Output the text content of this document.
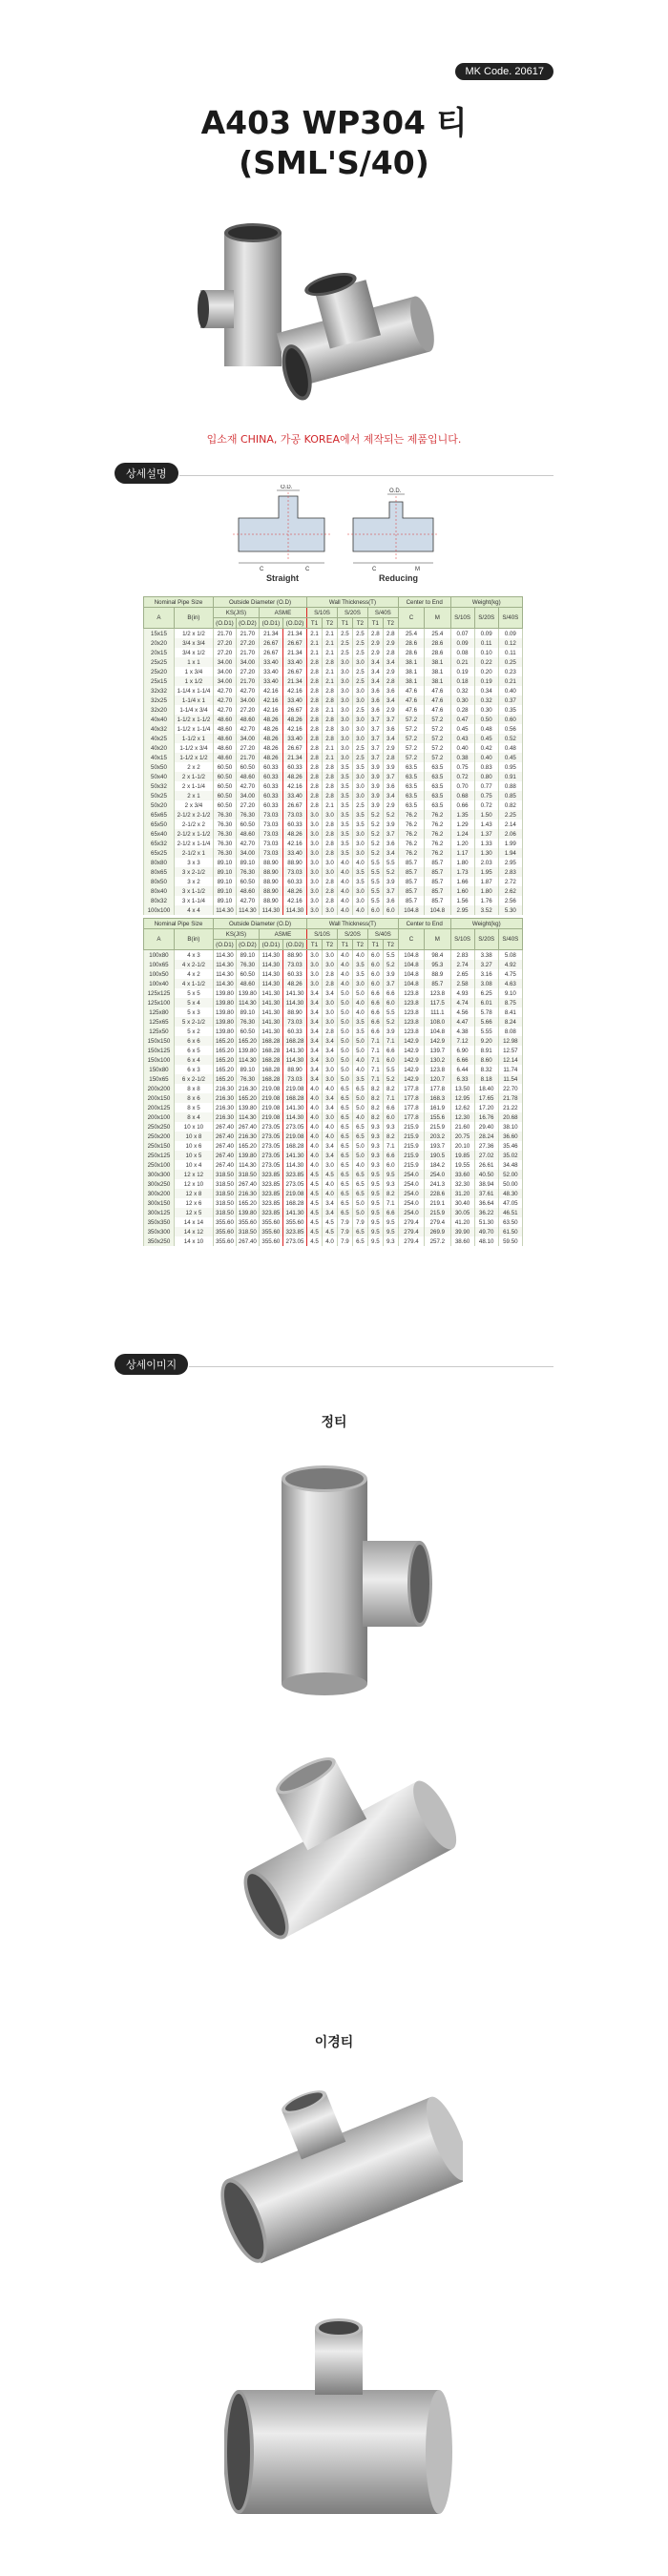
MK Code. 20617
A403 WP304 티
(SML'S/40)
입소재 CHINA, 가공 KOREA에서 제작되는 제품입니다.
상세설명
O.D.
O.D.
C	C	C	M
Straight	Reducing
Nominal Pipe Size		Outside Diameter (O.D)				Wall Thickness(T)						Center to End		Weight(kg)		
A	B(in)	KS(JIS)		ASME		S/10S		S/20S		S/40S		C	M	S/10S	S/20S	S/40S
		(O.D1)	(O.D2)	(O.D1)	(O.D2)	T1	T2	T1	T2	T1	T2					

15x15	1/2 x 1/2	21.70	21.70	21.34	21.34	2.1	2.1	2.5	2.5	2.8	2.8	25.4	25.4	0.07	0.09	0.09
20x20	3/4 x 3/4	27.20	27.20	26.67	26.67	2.1	2.1	2.5	2.5	2.9	2.9	28.6	28.6	0.09	0.11	0.12
20x15	3/4 x 1/2	27.20	21.70	26.67	21.34	2.1	2.1	2.5	2.5	2.9	2.8	28.6	28.6	0.08	0.10	0.11
25x25	1 x 1	34.00	34.00	33.40	33.40	2.8	2.8	3.0	3.0	3.4	3.4	38.1	38.1	0.21	0.22	0.25
25x20	1 x 3/4	34.00	27.20	33.40	26.67	2.8	2.1	3.0	2.5	3.4	2.9	38.1	38.1	0.19	0.20	0.23
25x15	1 x 1/2	34.00	21.70	33.40	21.34	2.8	2.1	3.0	2.5	3.4	2.8	38.1	38.1	0.18	0.19	0.21
32x32	1-1/4 x 1-1/4	42.70	42.70	42.16	42.16	2.8	2.8	3.0	3.0	3.6	3.6	47.6	47.6	0.32	0.34	0.40
32x25	1-1/4 x 1	42.70	34.00	42.16	33.40	2.8	2.8	3.0	3.0	3.6	3.4	47.6	47.6	0.30	0.32	0.37
32x20	1-1/4 x 3/4	42.70	27.20	42.16	26.67	2.8	2.1	3.0	2.5	3.6	2.9	47.6	47.6	0.28	0.30	0.35
40x40	1-1/2 x 1-1/2	48.60	48.60	48.26	48.26	2.8	2.8	3.0	3.0	3.7	3.7	57.2	57.2	0.47	0.50	0.60
40x32	1-1/2 x 1-1/4	48.60	42.70	48.26	42.16	2.8	2.8	3.0	3.0	3.7	3.6	57.2	57.2	0.45	0.48	0.56
40x25	1-1/2 x 1	48.60	34.00	48.26	33.40	2.8	2.8	3.0	3.0	3.7	3.4	57.2	57.2	0.43	0.45	0.52
40x20	1-1/2 x 3/4	48.60	27.20	48.26	26.67	2.8	2.1	3.0	2.5	3.7	2.9	57.2	57.2	0.40	0.42	0.48
40x15	1-1/2 x 1/2	48.60	21.70	48.26	21.34	2.8	2.1	3.0	2.5	3.7	2.8	57.2	57.2	0.38	0.40	0.45
50x50	2 x 2	60.50	60.50	60.33	60.33	2.8	2.8	3.5	3.5	3.9	3.9	63.5	63.5	0.75	0.83	0.95
50x40	2 x 1-1/2	60.50	48.60	60.33	48.26	2.8	2.8	3.5	3.0	3.9	3.7	63.5	63.5	0.72	0.80	0.91
50x32	2 x 1-1/4	60.50	42.70	60.33	42.16	2.8	2.8	3.5	3.0	3.9	3.6	63.5	63.5	0.70	0.77	0.88
50x25	2 x 1	60.50	34.00	60.33	33.40	2.8	2.8	3.5	3.0	3.9	3.4	63.5	63.5	0.68	0.75	0.85
50x20	2 x 3/4	60.50	27.20	60.33	26.67	2.8	2.1	3.5	2.5	3.9	2.9	63.5	63.5	0.66	0.72	0.82
65x65	2-1/2 x 2-1/2	76.30	76.30	73.03	73.03	3.0	3.0	3.5	3.5	5.2	5.2	76.2	76.2	1.35	1.50	2.25
65x50	2-1/2 x 2	76.30	60.50	73.03	60.33	3.0	2.8	3.5	3.5	5.2	3.9	76.2	76.2	1.29	1.43	2.14
65x40	2-1/2 x 1-1/2	76.30	48.60	73.03	48.26	3.0	2.8	3.5	3.0	5.2	3.7	76.2	76.2	1.24	1.37	2.06
65x32	2-1/2 x 1-1/4	76.30	42.70	73.03	42.16	3.0	2.8	3.5	3.0	5.2	3.6	76.2	76.2	1.20	1.33	1.99
65x25	2-1/2 x 1	76.30	34.00	73.03	33.40	3.0	2.8	3.5	3.0	5.2	3.4	76.2	76.2	1.17	1.30	1.94
80x80	3 x 3	89.10	89.10	88.90	88.90	3.0	3.0	4.0	4.0	5.5	5.5	85.7	85.7	1.80	2.03	2.95
80x65	3 x 2-1/2	89.10	76.30	88.90	73.03	3.0	3.0	4.0	3.5	5.5	5.2	85.7	85.7	1.73	1.95	2.83
80x50	3 x 2	89.10	60.50	88.90	60.33	3.0	2.8	4.0	3.5	5.5	3.9	85.7	85.7	1.66	1.87	2.72
80x40	3 x 1-1/2	89.10	48.60	88.90	48.26	3.0	2.8	4.0	3.0	5.5	3.7	85.7	85.7	1.60	1.80	2.62
80x32	3 x 1-1/4	89.10	42.70	88.90	42.16	3.0	2.8	4.0	3.0	5.5	3.6	85.7	85.7	1.56	1.76	2.56
100x100	4 x 4	114.30	114.30	114.30	114.30	3.0	3.0	4.0	4.0	6.0	6.0	104.8	104.8	2.95	3.52	5.30
Nominal Pipe Size		Outside Diameter (O.D)				Wall Thickness(T)						Center to End		Weight(kg)		
A	B(in)	KS(JIS)		ASME		S/10S		S/20S		S/40S		C	M	S/10S	S/20S	S/40S
		(O.D1)	(O.D2)	(O.D1)	(O.D2)	T1	T2	T1	T2	T1	T2					

100x80	4 x 3	114.30	89.10	114.30	88.90	3.0	3.0	4.0	4.0	6.0	5.5	104.8	98.4	2.83	3.38	5.08
100x65	4 x 2-1/2	114.30	76.30	114.30	73.03	3.0	3.0	4.0	3.5	6.0	5.2	104.8	95.3	2.74	3.27	4.92
100x50	4 x 2	114.30	60.50	114.30	60.33	3.0	2.8	4.0	3.5	6.0	3.9	104.8	88.9	2.65	3.16	4.75
100x40	4 x 1-1/2	114.30	48.60	114.30	48.26	3.0	2.8	4.0	3.0	6.0	3.7	104.8	85.7	2.58	3.08	4.63
125x125	5 x 5	139.80	139.80	141.30	141.30	3.4	3.4	5.0	5.0	6.6	6.6	123.8	123.8	4.93	6.25	9.10
125x100	5 x 4	139.80	114.30	141.30	114.30	3.4	3.0	5.0	4.0	6.6	6.0	123.8	117.5	4.74	6.01	8.75
125x80	5 x 3	139.80	89.10	141.30	88.90	3.4	3.0	5.0	4.0	6.6	5.5	123.8	111.1	4.56	5.78	8.41
125x65	5 x 2-1/2	139.80	76.30	141.30	73.03	3.4	3.0	5.0	3.5	6.6	5.2	123.8	108.0	4.47	5.66	8.24
125x50	5 x 2	139.80	60.50	141.30	60.33	3.4	2.8	5.0	3.5	6.6	3.9	123.8	104.8	4.38	5.55	8.08
150x150	6 x 6	165.20	165.20	168.28	168.28	3.4	3.4	5.0	5.0	7.1	7.1	142.9	142.9	7.12	9.20	12.98
150x125	6 x 5	165.20	139.80	168.28	141.30	3.4	3.4	5.0	5.0	7.1	6.6	142.9	139.7	6.90	8.91	12.57
150x100	6 x 4	165.20	114.30	168.28	114.30	3.4	3.0	5.0	4.0	7.1	6.0	142.9	130.2	6.66	8.60	12.14
150x80	6 x 3	165.20	89.10	168.28	88.90	3.4	3.0	5.0	4.0	7.1	5.5	142.9	123.8	6.44	8.32	11.74
150x65	6 x 2-1/2	165.20	76.30	168.28	73.03	3.4	3.0	5.0	3.5	7.1	5.2	142.9	120.7	6.33	8.18	11.54
200x200	8 x 8	216.30	216.30	219.08	219.08	4.0	4.0	6.5	6.5	8.2	8.2	177.8	177.8	13.50	18.40	22.70
200x150	8 x 6	216.30	165.20	219.08	168.28	4.0	3.4	6.5	5.0	8.2	7.1	177.8	168.3	12.95	17.65	21.78
200x125	8 x 5	216.30	139.80	219.08	141.30	4.0	3.4	6.5	5.0	8.2	6.6	177.8	161.9	12.62	17.20	21.22
200x100	8 x 4	216.30	114.30	219.08	114.30	4.0	3.0	6.5	4.0	8.2	6.0	177.8	155.6	12.30	16.76	20.68
250x250	10 x 10	267.40	267.40	273.05	273.05	4.0	4.0	6.5	6.5	9.3	9.3	215.9	215.9	21.60	29.40	38.10
250x200	10 x 8	267.40	216.30	273.05	219.08	4.0	4.0	6.5	6.5	9.3	8.2	215.9	203.2	20.75	28.24	36.60
250x150	10 x 6	267.40	165.20	273.05	168.28	4.0	3.4	6.5	5.0	9.3	7.1	215.9	193.7	20.10	27.36	35.46
250x125	10 x 5	267.40	139.80	273.05	141.30	4.0	3.4	6.5	5.0	9.3	6.6	215.9	190.5	19.85	27.02	35.02
250x100	10 x 4	267.40	114.30	273.05	114.30	4.0	3.0	6.5	4.0	9.3	6.0	215.9	184.2	19.55	26.61	34.48
300x300	12 x 12	318.50	318.50	323.85	323.85	4.5	4.5	6.5	6.5	9.5	9.5	254.0	254.0	33.60	40.50	52.00
300x250	12 x 10	318.50	267.40	323.85	273.05	4.5	4.0	6.5	6.5	9.5	9.3	254.0	241.3	32.30	38.94	50.00
300x200	12 x 8	318.50	216.30	323.85	219.08	4.5	4.0	6.5	6.5	9.5	8.2	254.0	228.6	31.20	37.61	48.30
300x150	12 x 6	318.50	165.20	323.85	168.28	4.5	3.4	6.5	5.0	9.5	7.1	254.0	219.1	30.40	36.64	47.05
300x125	12 x 5	318.50	139.80	323.85	141.30	4.5	3.4	6.5	5.0	9.5	6.6	254.0	215.9	30.05	36.22	46.51
350x350	14 x 14	355.60	355.60	355.60	355.60	4.5	4.5	7.9	7.9	9.5	9.5	279.4	279.4	41.20	51.30	63.50
350x300	14 x 12	355.60	318.50	355.60	323.85	4.5	4.5	7.9	6.5	9.5	9.5	279.4	269.9	39.90	49.70	61.50
350x250	14 x 10	355.60	267.40	355.60	273.05	4.5	4.0	7.9	6.5	9.5	9.3	279.4	257.2	38.60	48.10	59.50
상세이미지
정티
이경티
